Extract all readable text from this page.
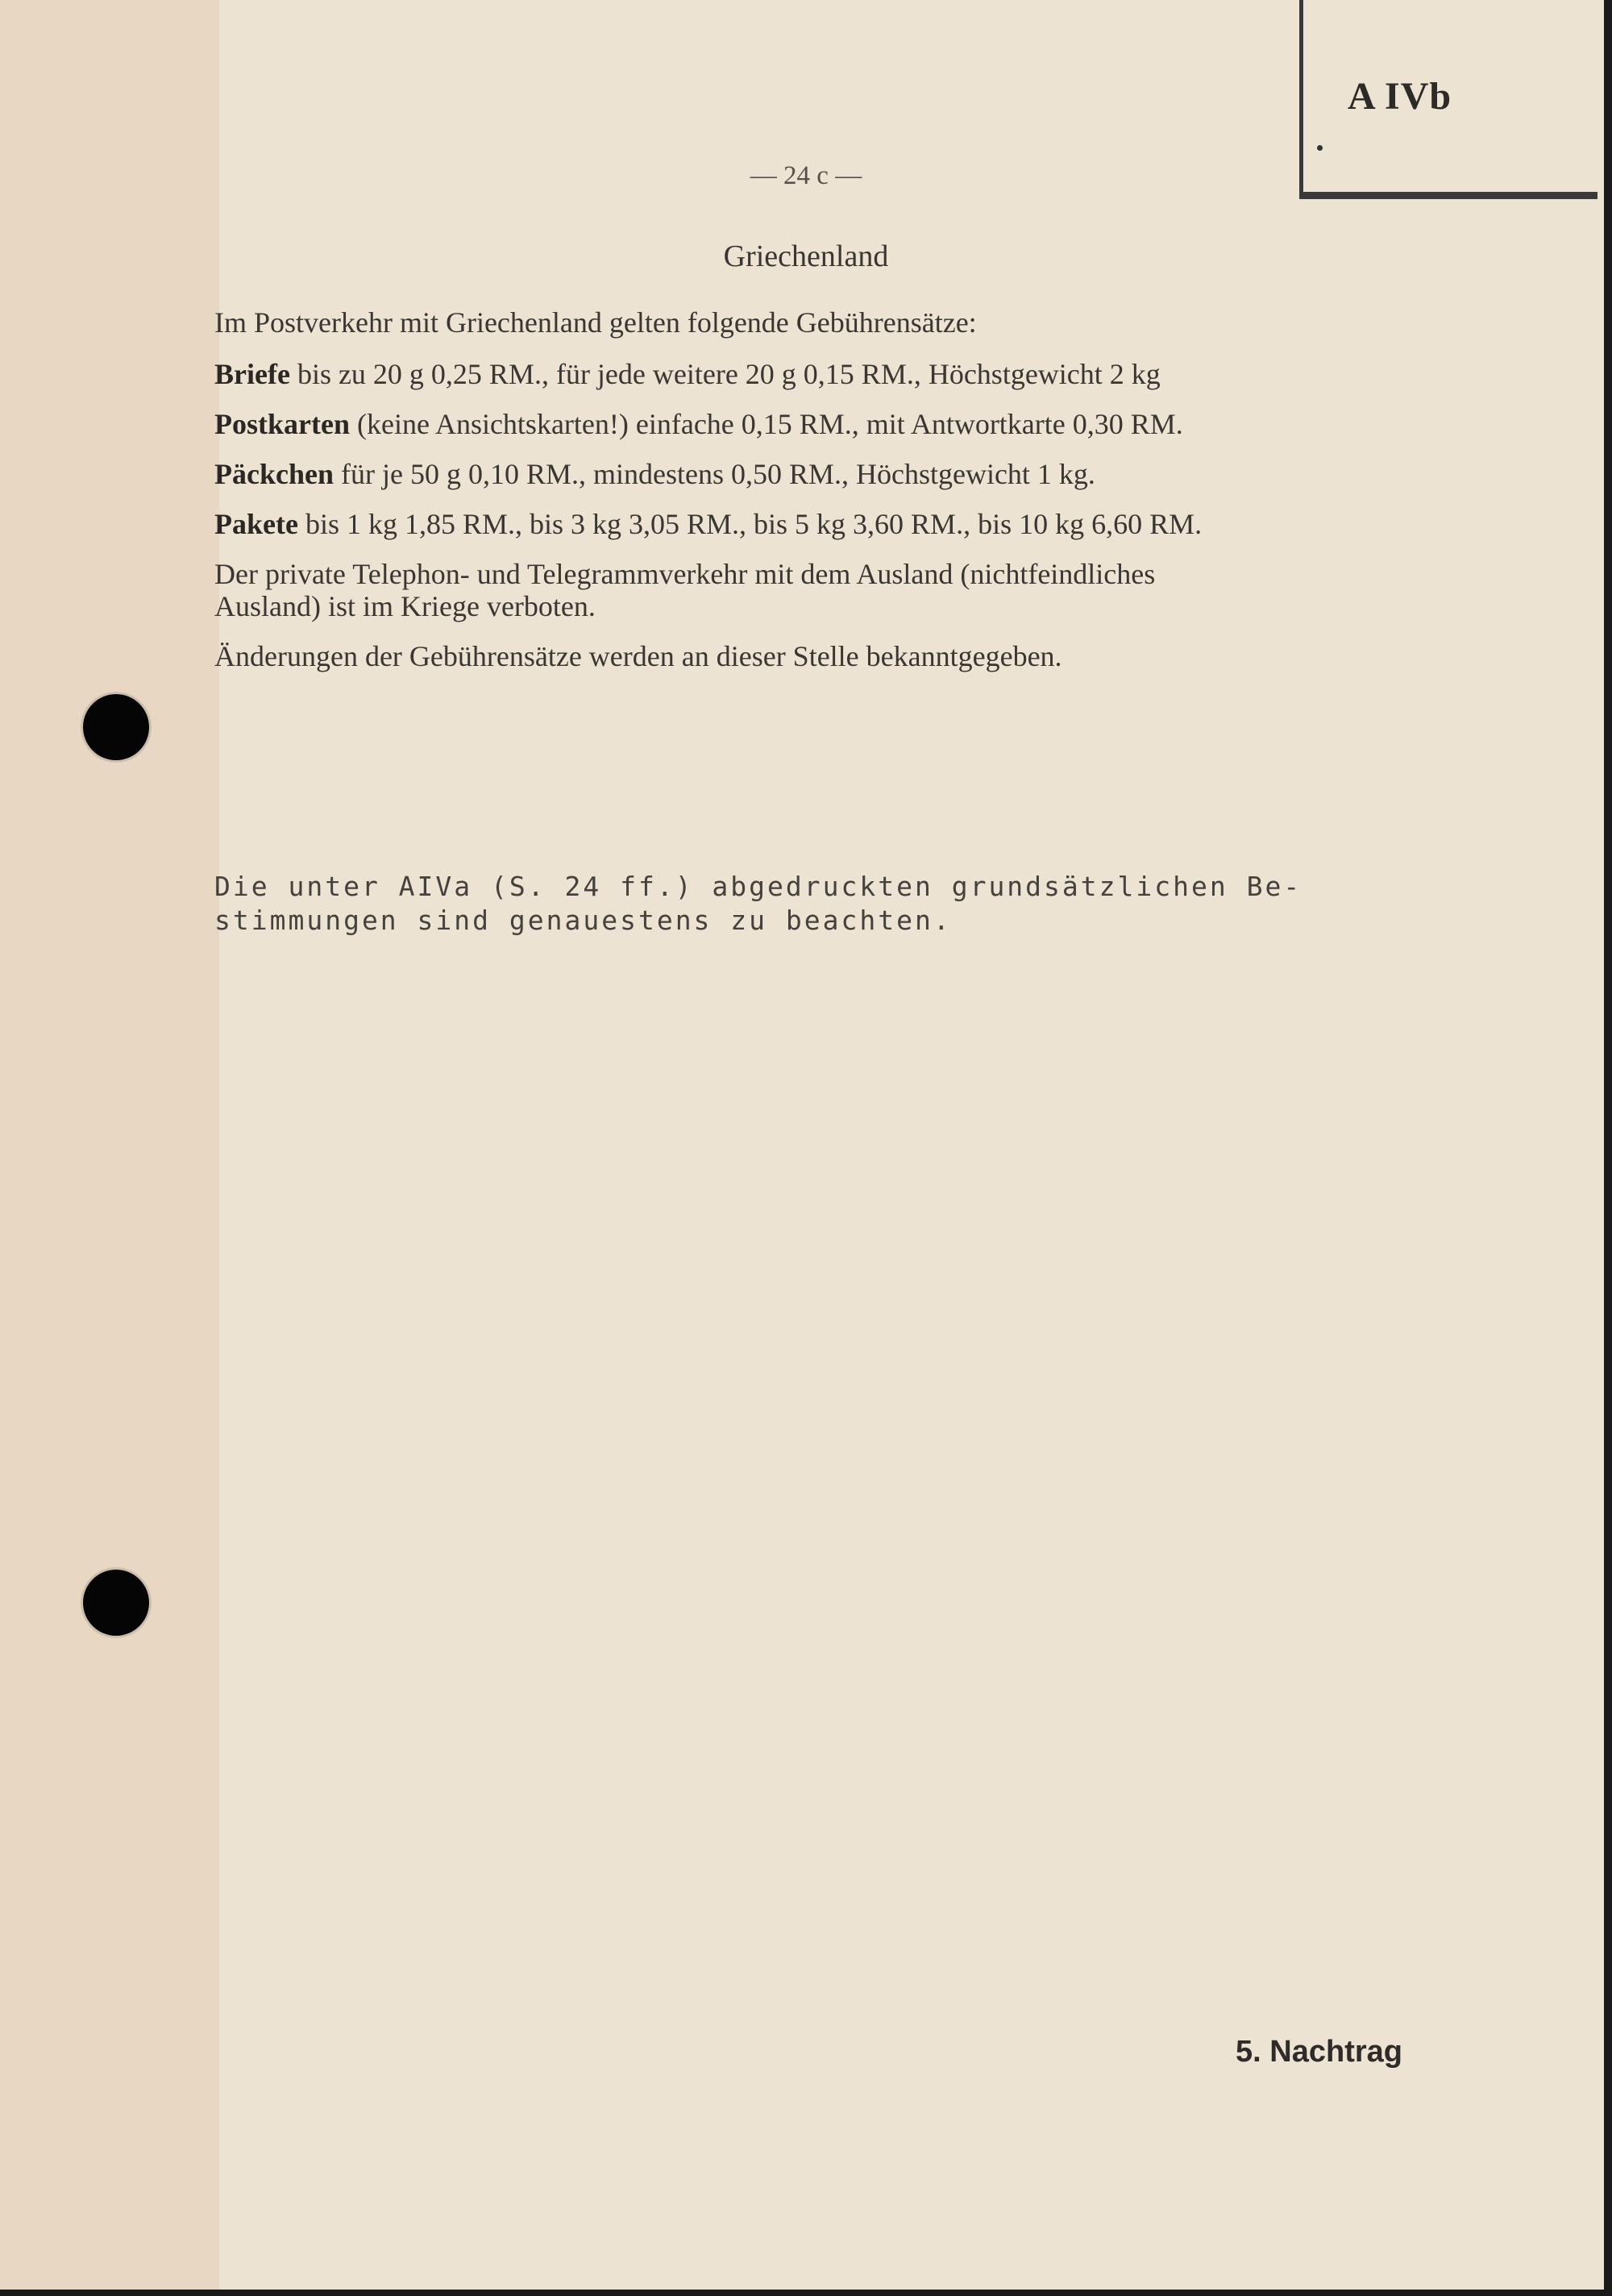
A IVb
— 24 c —
Griechenland
Im Postverkehr mit Griechenland gelten folgende Gebührensätze:
Briefe bis zu 20 g 0,25 RM., für jede weitere 20 g 0,15 RM., Höchstgewicht 2 kg
Postkarten (keine Ansichtskarten!) einfache 0,15 RM., mit Antwortkarte 0,30 RM.
Päckchen für je 50 g 0,10 RM., mindestens 0,50 RM., Höchstgewicht 1 kg.
Pakete bis 1 kg 1,85 RM., bis 3 kg 3,05 RM., bis 5 kg 3,60 RM., bis 10 kg 6,60 RM.
Der private Telephon- und Telegrammverkehr mit dem Ausland (nichtfeindliches
Ausland) ist im Kriege verboten.
Änderungen der Gebührensätze werden an dieser Stelle bekanntgegeben.
Die unter AIVa (S. 24 ff.) abgedruckten grundsätzlichen Be-
stimmungen sind genauestens zu beachten.
5. Nachtrag
